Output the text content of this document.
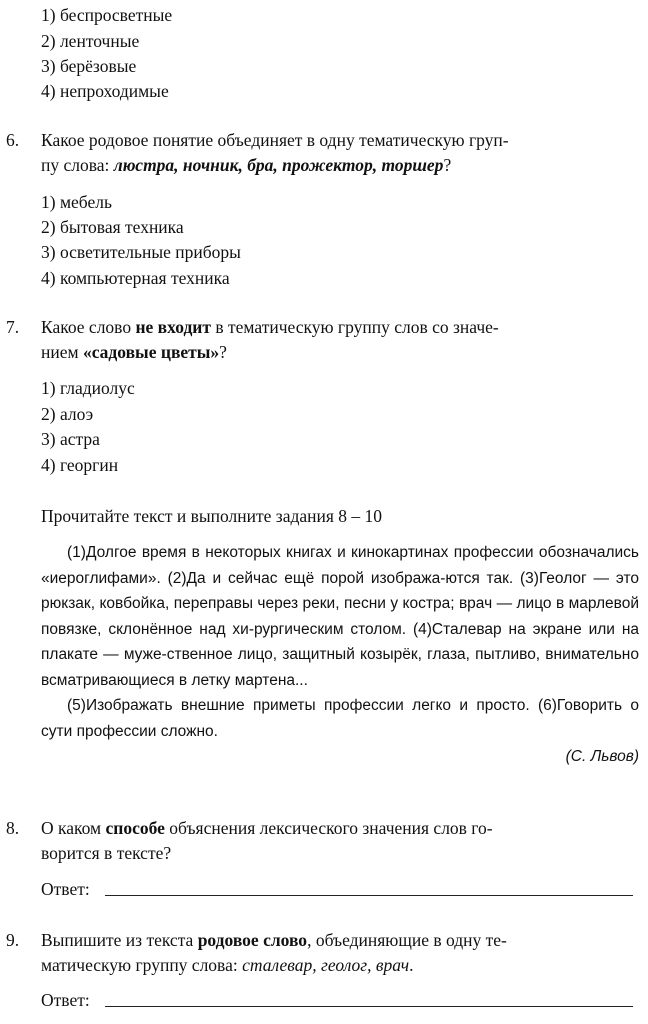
1) беспросветные
2) ленточные
3) берёзовые
4) непроходимые
6. Какое родовое понятие объединяет в одну тематическую груп-

пу слова: люстра, ночник, бра, прожектор, торшер?

1) мебель
2) бытовая техника
3) осветительные приборы
4) компьютерная техника
7. Какое слово не входит в тематическую группу слов со значе-

нием «садовые цветы»?

1) гладиолус
2) алоэ
3) астра
4) георгин
Прочитайте текст и выполните задания 8 – 10

(1)Долгое время в некоторых книгах и кинокартинах профессии обозначались «иероглифами». (2)Да и сейчас ещё порой изобража-ются так. (3)Геолог — это рюкзак, ковбойка, переправы через реки, песни у костра; врач — лицо в марлевой повязке, склонённое над хи-рургическим столом. (4)Сталевар на экране или на плакате — муже-ственное лицо, защитный козырёк, глаза, пытливо, внимательно всматривающиеся в летку мартена...

(5)Изображать внешние приметы профессии легко и просто. (6)Говорить о сути профессии сложно.

(С. Львов)

8. О каком способе объяснения лексического значения слов го-

ворится в тексте?

Ответ:
9. Выпишите из текста родовое слово, объединяющие в одну те-

матическую группу слова: сталевар, геолог, врач.

Ответ:
